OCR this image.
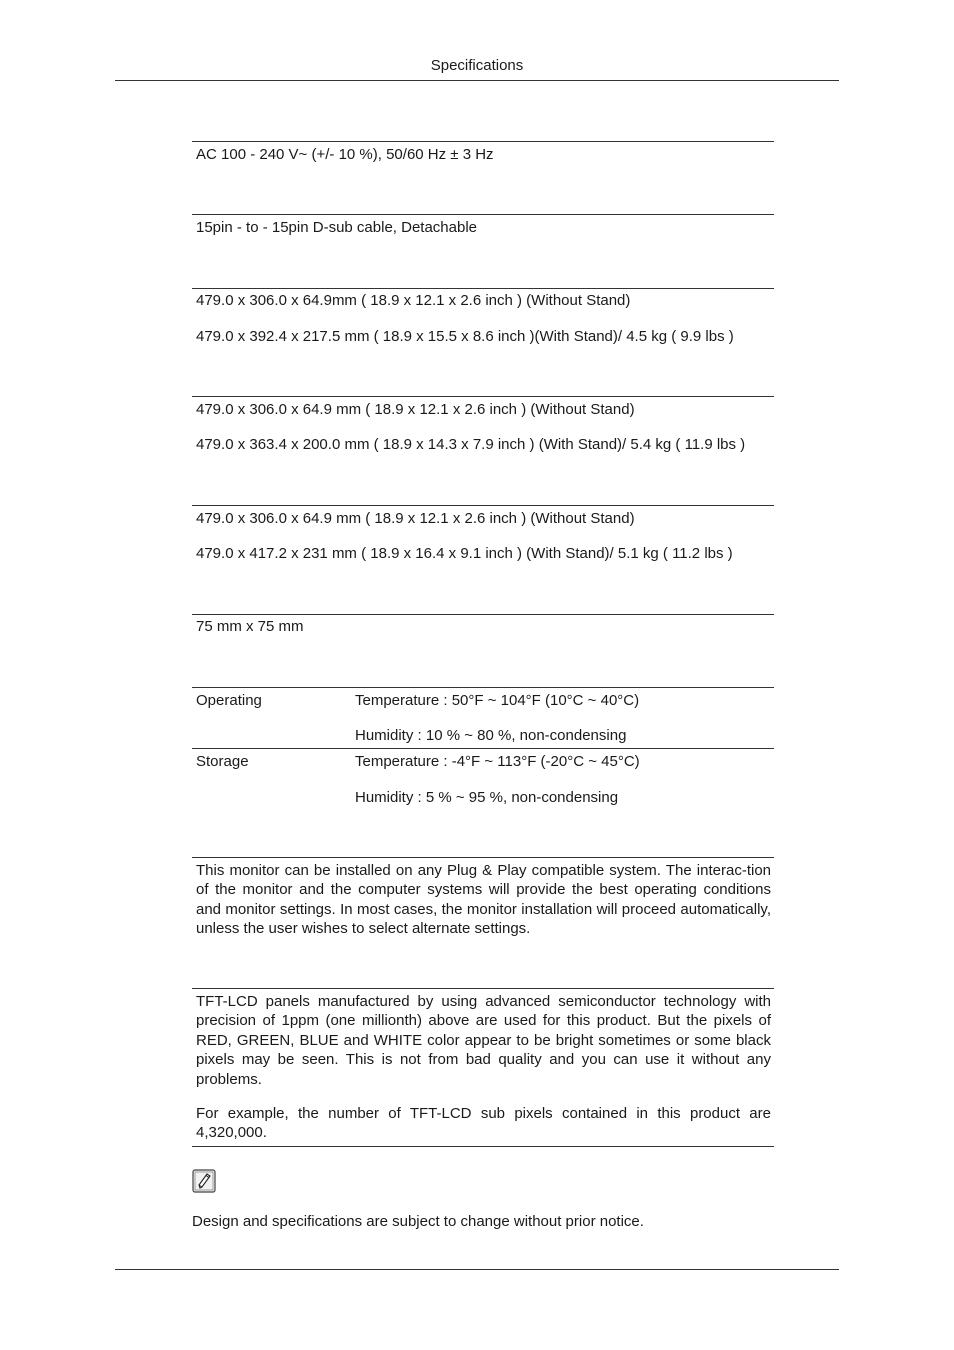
Specifications
AC 100 - 240 V~ (+/- 10 %), 50/60 Hz ± 3 Hz
15pin - to - 15pin D-sub cable, Detachable
479.0 x 306.0 x 64.9mm ( 18.9 x 12.1 x 2.6 inch ) (Without Stand)
479.0 x 392.4 x 217.5 mm ( 18.9 x 15.5 x 8.6 inch )(With Stand)/ 4.5 kg ( 9.9 lbs )
479.0 x 306.0 x 64.9 mm ( 18.9 x 12.1 x 2.6 inch ) (Without Stand)
479.0 x 363.4 x 200.0 mm ( 18.9 x 14.3 x 7.9 inch ) (With Stand)/ 5.4 kg ( 11.9 lbs )
479.0 x 306.0 x 64.9 mm ( 18.9 x 12.1 x 2.6 inch ) (Without Stand)
479.0 x 417.2 x 231 mm ( 18.9 x 16.4 x 9.1 inch ) (With Stand)/ 5.1 kg ( 11.2 lbs )
75 mm x 75 mm
Operating	Temperature : 50°F ~ 104°F (10°C ~ 40°C)
Humidity : 10 % ~ 80 %, non-condensing
Storage	Temperature : -4°F ~ 113°F (-20°C ~ 45°C)
Humidity : 5 % ~ 95 %, non-condensing
This monitor can be installed on any Plug & Play compatible system. The interac-tion of the monitor and the computer systems will provide the best operating conditions and monitor settings. In most cases, the monitor installation will proceed automatically, unless the user wishes to select alternate settings.
TFT-LCD panels manufactured by using advanced semiconductor technology with precision of 1ppm (one millionth) above are used for this product. But the pixels of RED, GREEN, BLUE and WHITE color appear to be bright sometimes or some black pixels may be seen. This is not from bad quality and you can use it without any problems.
For example, the number of TFT-LCD sub pixels contained in this product are 4,320,000.
Design and specifications are subject to change without prior notice.
